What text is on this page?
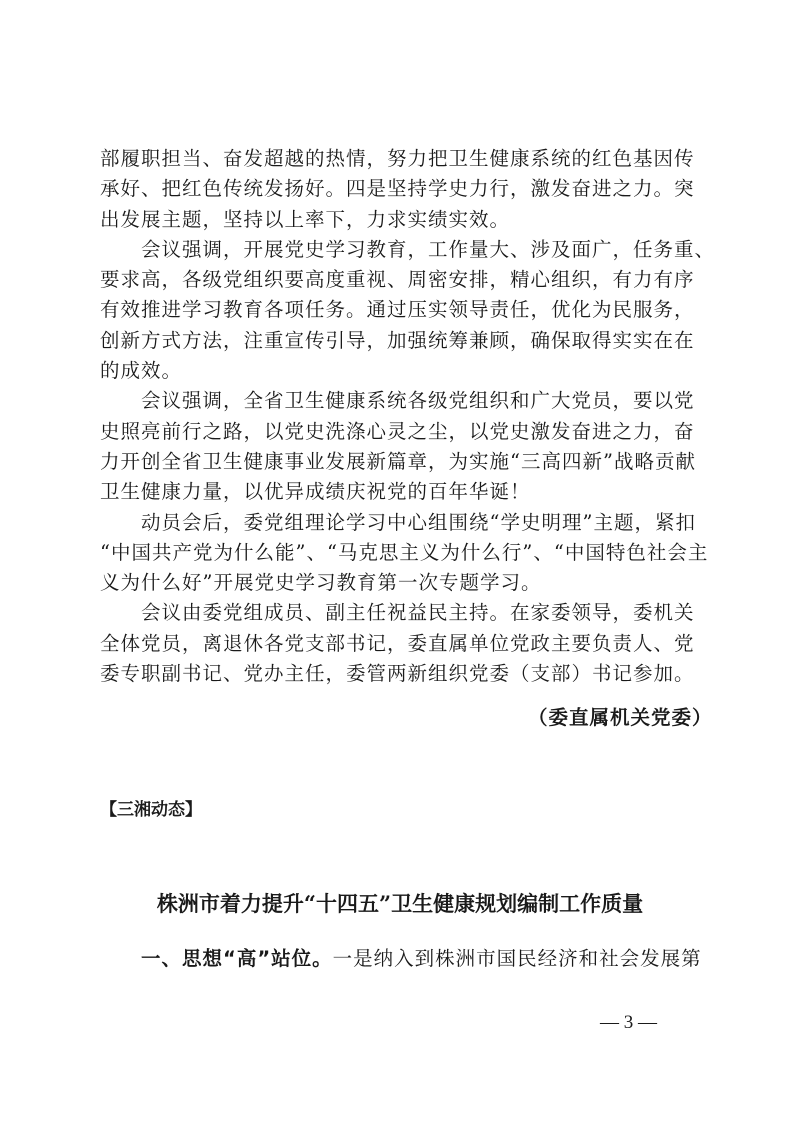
部履职担当、奋发超越的热情，努力把卫生健康系统的红色基因传
承好、把红色传统发扬好。四是坚持学史力行，激发奋进之力。突
出发展主题，坚持以上率下，力求实绩实效。
会议强调，开展党史学习教育，工作量大、涉及面广，任务重、
要求高，各级党组织要高度重视、周密安排，精心组织，有力有序
有效推进学习教育各项任务。通过压实领导责任，优化为民服务，
创新方式方法，注重宣传引导，加强统筹兼顾，确保取得实实在在
的成效。
会议强调，全省卫生健康系统各级党组织和广大党员，要以党
史照亮前行之路，以党史洗涤心灵之尘，以党史激发奋进之力，奋
力开创全省卫生健康事业发展新篇章，为实施“三高四新”战略贡献
卫生健康力量，以优异成绩庆祝党的百年华诞！
动员会后，委党组理论学习中心组围绕“学史明理”主题，紧扣
“中国共产党为什么能”、“马克思主义为什么行”、“中国特色社会主
义为什么好”开展党史学习教育第一次专题学习。
会议由委党组成员、副主任祝益民主持。在家委领导，委机关
全体党员，离退休各党支部书记，委直属单位党政主要负责人、党
委专职副书记、党办主任，委管两新组织党委（支部）书记参加。
（委直属机关党委）
【三湘动态】
株洲市着力提升“十四五”卫生健康规划编制工作质量
一、思想“高”站位。一是纳入到株洲市国民经济和社会发展第
— 3 —
